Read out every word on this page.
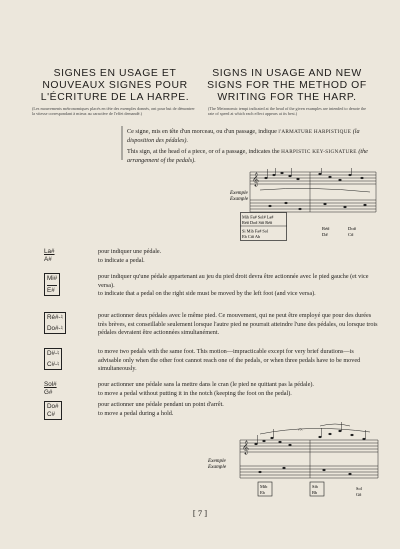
SIGNES EN USAGE ET NOUVEAUX SIGNES POUR L'ÉCRITURE DE LA HARPE.
SIGNS IN USAGE AND NEW SIGNS FOR THE METHOD OF WRITING FOR THE HARP.
(Les mouvements métronomiques placés en tête des exemples donnés, ont pour but de démontrer la vitesse correspondant à mieux au caractère de l'effet demandé.)
(The Metronomic tempi indicated at the head of the given examples are intended to denote the rate of speed at which each effect appears at its best.)
Ce signe, mis en tête d'un morceau, ou d'un passage, indique l'ARMATURE HARPISTIQUE (la disposition des pédales).
This sign, at the head of a piece, or of a passage, indicates the HARPISTIC KEY-SIGNATURE (the arrangement of the pedals).
𝄞
Exemple
Example
Ré#
D#
Do#
C#
Mib Fa# Sol# La#
Ré# Do# Si# Ré#
Si Mib Fa# Sol
Eb Ci# Ab
La#
A#
pour indiquer une pédale.
to indicate a pedal.
Mi#
E#
pour indiquer qu'une pédale appartenant au jeu du pied droit devra être actionnée avec le pied gauche (et vice versa).
to indicate that a pedal on the right side must be moved by the left foot (and vice versa).
Ré#-♮
Do#-♮
pour actionner deux pédales avec le même pied. Ce mouvement, qui ne peut être employé que pour des durées très brèves, est conseillable seulement lorsque l'autre pied ne pourrait atteindre l'une des pédales, ou lorsque trois pédales devraient être actionnées simultanément.
D#-♮
C#-♮
to move two pedals with the same foot. This motion—impracticable except for very brief durations—is advisable only when the other foot cannot reach one of the pedals, or when three pedals have to be moved simultaneously.
Sol#
G#
pour actionner une pédale sans la mettre dans le cran (le pied ne quittant pas la pédale).
to move a pedal without putting it in the notch (keeping the foot on the pedal).
Do#
C#
pour actionner une pédale pendant un point d'arrêt.
to move a pedal during a hold.
𝄞
𝄐
Exemple
Example
Mib
Eb
Sib
Bb
Sol
G#
[ 7 ]
